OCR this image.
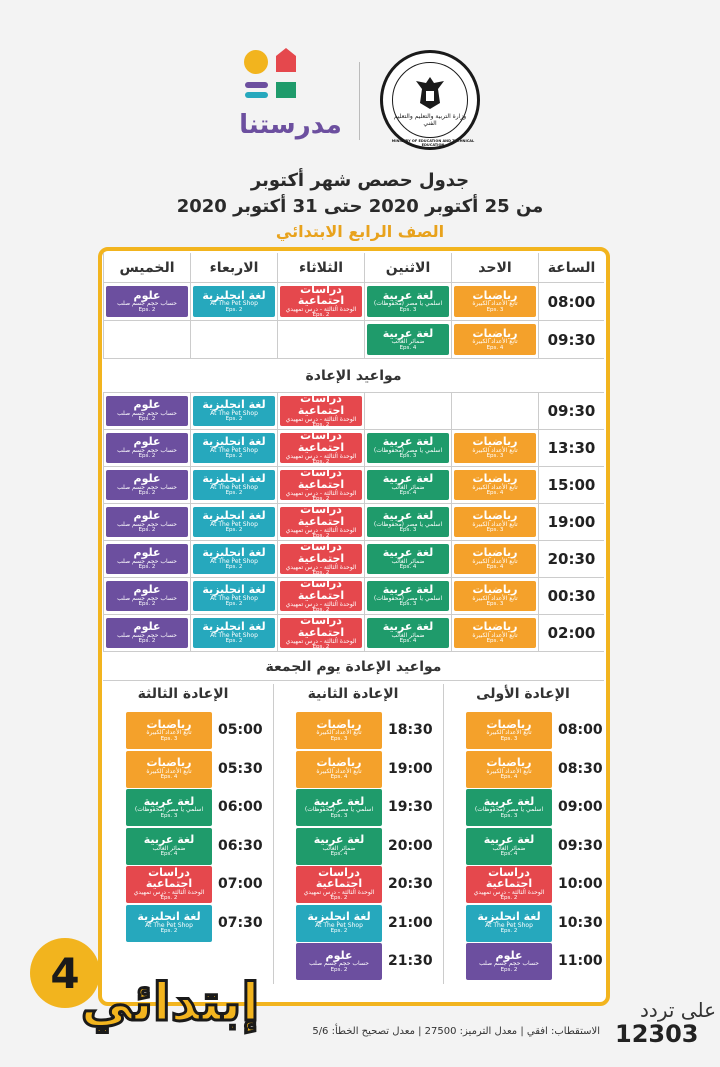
مدرستنا	وزارة التربية والتعليم والتعليم الفني
MINISTRY OF EDUCATION AND TECHNICAL EDUCATION
جدول حصص شهر أكتوبر
من 25 أكتوبر 2020 حتى 31 أكتوبر 2020
الصف الرابع الابتدائي
الساعة
الاحد
الاثنين
الثلاثاء
الاربعاء
الخميس
08:00
رياضيات
تابع الأعداد الكبيرة
Eps. 3
لغة عربية
اسلمي يا مصر (محفوظات)
Eps. 3
دراسات اجتماعية
الوحدة الثالثة - درس تمهيدي
Eps. 2
لغة انجليزية
At The Pet Shop
Eps. 2
علوم
حساب حجم جسم صلب
Eps. 2
09:30
رياضيات
تابع الأعداد الكبيرة
Eps. 4
لغة عربية
ضمائر الغائب
Eps. 4
مواعيد الإعادة
09:30
دراسات اجتماعية
الوحدة الثالثة - درس تمهيدي
Eps. 2
لغة انجليزية
At The Pet Shop
Eps. 2
علوم
حساب حجم جسم صلب
Eps. 2
13:30
رياضيات
تابع الأعداد الكبيرة
Eps. 3
لغة عربية
اسلمي يا مصر (محفوظات)
Eps. 3
دراسات اجتماعية
الوحدة الثالثة - درس تمهيدي
Eps. 2
لغة انجليزية
At The Pet Shop
Eps. 2
علوم
حساب حجم جسم صلب
Eps. 2
15:00
رياضيات
تابع الأعداد الكبيرة
Eps. 4
لغة عربية
ضمائر الغائب
Eps. 4
دراسات اجتماعية
الوحدة الثالثة - درس تمهيدي
Eps. 2
لغة انجليزية
At The Pet Shop
Eps. 2
علوم
حساب حجم جسم صلب
Eps. 2
19:00
رياضيات
تابع الأعداد الكبيرة
Eps. 3
لغة عربية
اسلمي يا مصر (محفوظات)
Eps. 3
دراسات اجتماعية
الوحدة الثالثة - درس تمهيدي
Eps. 2
لغة انجليزية
At The Pet Shop
Eps. 2
علوم
حساب حجم جسم صلب
Eps. 2
20:30
رياضيات
تابع الأعداد الكبيرة
Eps. 4
لغة عربية
ضمائر الغائب
Eps. 4
دراسات اجتماعية
الوحدة الثالثة - درس تمهيدي
Eps. 2
لغة انجليزية
At The Pet Shop
Eps. 2
علوم
حساب حجم جسم صلب
Eps. 2
00:30
رياضيات
تابع الأعداد الكبيرة
Eps. 3
لغة عربية
اسلمي يا مصر (محفوظات)
Eps. 3
دراسات اجتماعية
الوحدة الثالثة - درس تمهيدي
Eps. 2
لغة انجليزية
At The Pet Shop
Eps. 2
علوم
حساب حجم جسم صلب
Eps. 2
02:00
رياضيات
تابع الأعداد الكبيرة
Eps. 4
لغة عربية
ضمائر الغائب
Eps. 4
دراسات اجتماعية
الوحدة الثالثة - درس تمهيدي
Eps. 2
لغة انجليزية
At The Pet Shop
Eps. 2
علوم
حساب حجم جسم صلب
Eps. 2
مواعيد الإعادة يوم الجمعة
الإعادة الأولى
08:00
رياضيات
تابع الأعداد الكبيرة
Eps. 3
08:30
رياضيات
تابع الأعداد الكبيرة
Eps. 4
09:00
لغة عربية
اسلمي يا مصر (محفوظات)
Eps. 3
09:30
لغة عربية
ضمائر الغائب
Eps. 4
10:00
دراسات اجتماعية
الوحدة الثالثة - درس تمهيدي
Eps. 2
10:30
لغة انجليزية
At The Pet Shop
Eps. 2
11:00
علوم
حساب حجم جسم صلب
Eps. 2
الإعادة الثانية
18:30
رياضيات
تابع الأعداد الكبيرة
Eps. 3
19:00
رياضيات
تابع الأعداد الكبيرة
Eps. 4
19:30
لغة عربية
اسلمي يا مصر (محفوظات)
Eps. 3
20:00
لغة عربية
ضمائر الغائب
Eps. 4
20:30
دراسات اجتماعية
الوحدة الثالثة - درس تمهيدي
Eps. 2
21:00
لغة انجليزية
At The Pet Shop
Eps. 2
21:30
علوم
حساب حجم جسم صلب
Eps. 2
الإعادة الثالثة
05:00
رياضيات
تابع الأعداد الكبيرة
Eps. 3
05:30
رياضيات
تابع الأعداد الكبيرة
Eps. 4
06:00
لغة عربية
اسلمي يا مصر (محفوظات)
Eps. 3
06:30
لغة عربية
ضمائر الغائب
Eps. 4
07:00
دراسات اجتماعية
الوحدة الثالثة - درس تمهيدي
Eps. 2
07:30
لغة انجليزية
At The Pet Shop
Eps. 2
4 إبتدائي	على تردد
12303
الاستقطاب: افقي | معدل الترميز: 27500 | معدل تصحيح الخطأ: 5/6
